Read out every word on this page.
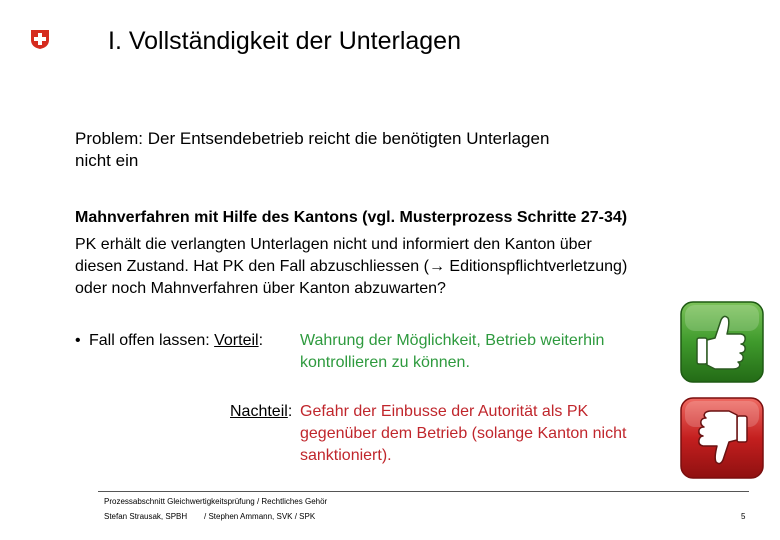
I. Vollständigkeit der Unterlagen
Problem: Der Entsendebetrieb reicht die benötigten Unterlagen
nicht ein
Mahnverfahren mit Hilfe des Kantons (vgl. Musterprozess Schritte 27-34)
PK erhält die verlangten Unterlagen nicht und informiert den Kanton über
diesen Zustand. Hat PK den Fall abzuschliessen (→ Editionspflichtverletzung)
oder noch Mahnverfahren über Kanton abzuwarten?
• Fall offen lassen: Vorteil: Wahrung der Möglichkeit, Betrieb weiterhin
kontrollieren zu können.
Nachteil: Gefahr der Einbusse der Autorität als PK
gegenüber dem Betrieb (solange Kanton nicht
sanktioniert).
Prozessabschnitt Gleichwertigkeitsprüfung / Rechtliches Gehör
Stefan Strausak, SPBH / Stephen Ammann, SVK / SPK	5
